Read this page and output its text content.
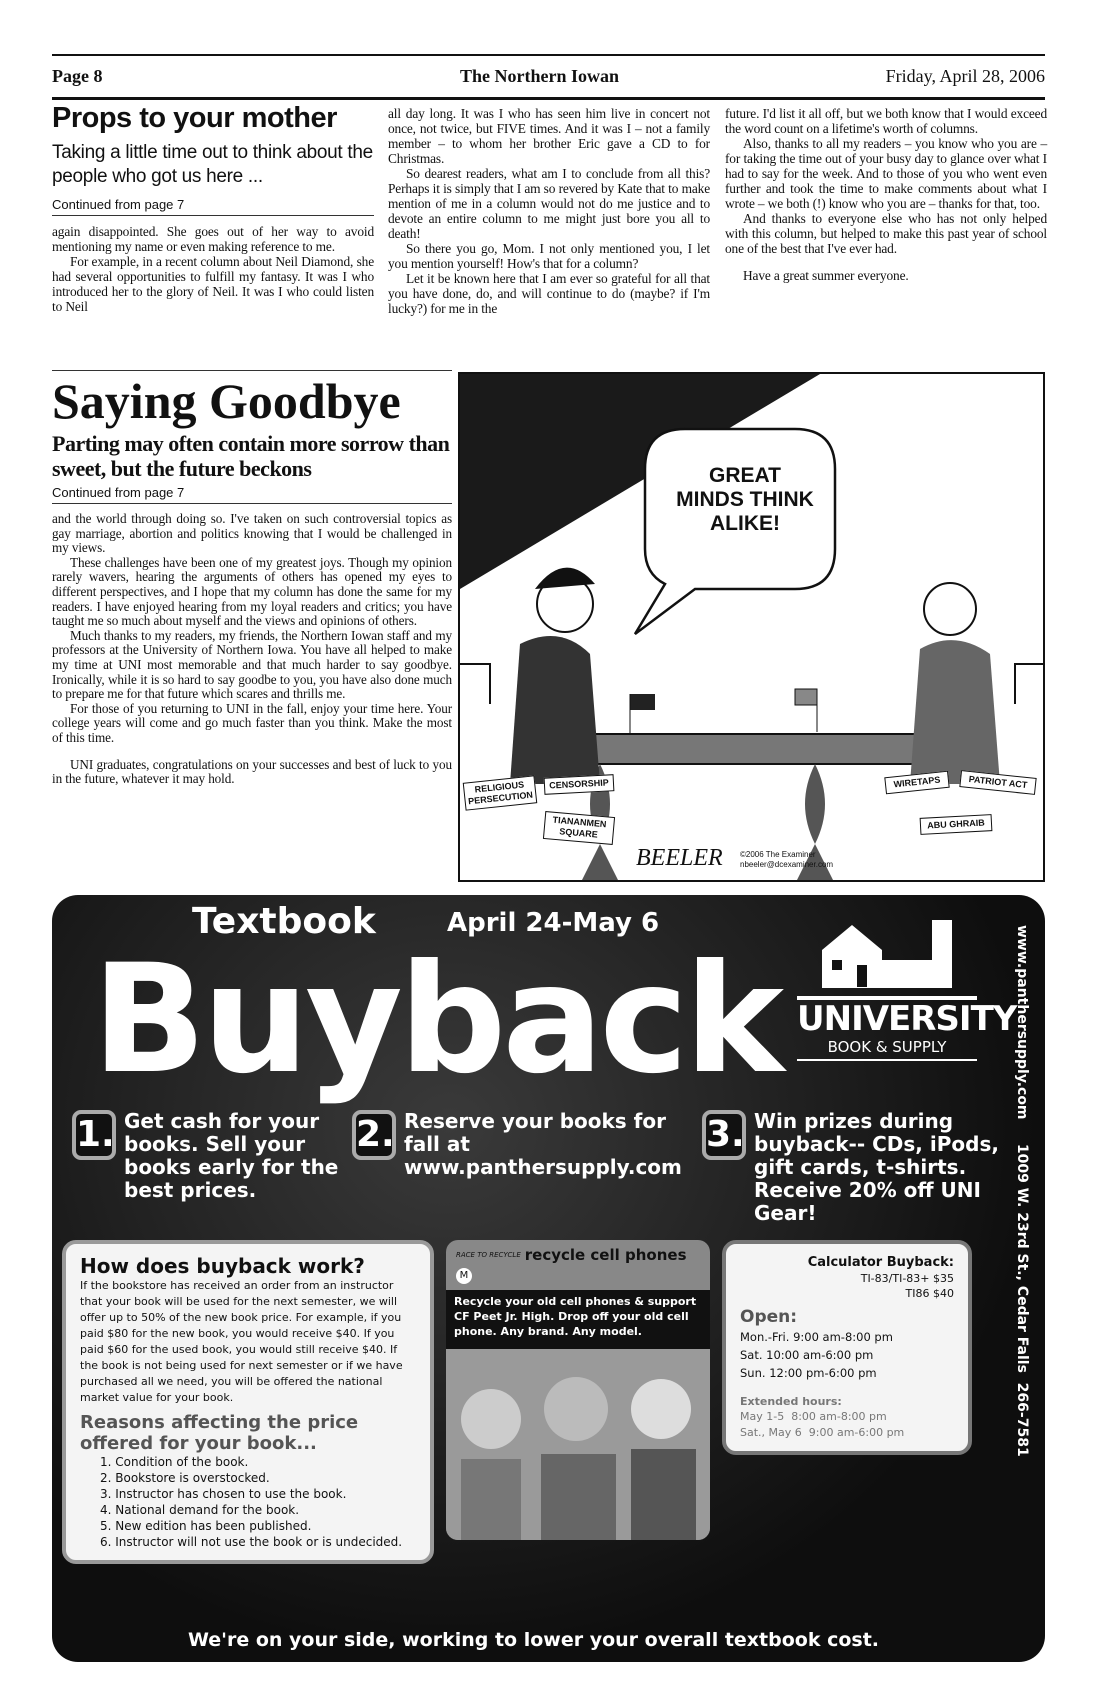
Page 8	The Northern Iowan	Friday, April 28, 2006
Props to your mother
Taking a little time out to think about the people who got us here ...
Continued from page 7

again disappointed. She goes out of her way to avoid mentioning my name or even making reference to me.

For example, in a recent column about Neil Diamond, she had several opportunities to fulfill my fantasy. It was I who introduced her to the glory of Neil. It was I who could listen to Neil

all day long. It was I who has seen him live in concert not once, not twice, but FIVE times. And it was I – not a family member – to whom her brother Eric gave a CD to for Christmas.

So dearest readers, what am I to conclude from all this? Perhaps it is simply that I am so revered by Kate that to make mention of me in a column would not do me justice and to devote an entire column to me might just bore you all to death!

So there you go, Mom. I not only mentioned you, I let you mention yourself! How's that for a column?

Let it be known here that I am ever so grateful for all that you have done, do, and will continue to do (maybe? if I'm lucky?) for me in the

future. I'd list it all off, but we both know that I would exceed the word count on a lifetime's worth of columns.

Also, thanks to all my readers – you know who you are – for taking the time out of your busy day to glance over what I had to say for the week. And to those of you who went even further and took the time to make comments about what I wrote – we both (!) know who you are – thanks for that, too.

And thanks to everyone else who has not only helped with this column, but helped to make this past year of school one of the best that I've ever had.

Have a great summer everyone.

Saying Goodbye
Parting may often contain more sorrow than sweet, but the future beckons
Continued from page 7

and the world through doing so. I've taken on such controversial topics as gay marriage, abortion and politics knowing that I would be challenged in my views.

These challenges have been one of my greatest joys. Though my opinion rarely wavers, hearing the arguments of others has opened my eyes to different perspectives, and I hope that my column has done the same for my readers. I have enjoyed hearing from my loyal readers and critics; you have taught me so much about myself and the views and opinions of others.

Much thanks to my readers, my friends, the Northern Iowan staff and my professors at the University of Northern Iowa. You have all helped to make my time at UNI most memorable and that much harder to say goodbye. Ironically, while it is so hard to say goodbe to you, you have also done much to prepare me for that future which scares and thrills me.

For those of you returning to UNI in the fall, enjoy your time here. Your college years will come and go much faster than you think. Make the most of this time.

UNI graduates, congratulations on your successes and best of luck to you in the future, whatever it may hold.

GREAT MINDS THINK ALIKE!
RELIGIOUS PERSECUTION
CENSORSHIP
TIANANMEN SQUARE
WIRETAPS	PATRIOT ACT
ABU GHRAIB
BEELER ©2006 The Examiner
nbeeler@dcexaminer.com
Textbook	April 24-May 6
Buyback UNIVERSITY
BOOK & SUPPLY	www.panthersupply.com     1009 W. 23rd St., Cedar Falls  266-7581
1. Get cash for your books. Sell your books early for the best prices.
2. Reserve your books for fall at www.panthersupply.com
3. Win prizes during buyback-- CDs, iPods, gift cards, t-shirts. Receive 20% off UNI Gear!
How does buyback work?
If the bookstore has received an order from an instructor that your book will be used for the next semester, we will offer up to 50% of the new book price. For example, if you paid $80 for the new book, you would receive $40. If you paid $60 for the used book, you would still receive $40. If the book is not being used for next semester or if we have purchased all we need, you will be offered the national market value for your book.
Reasons affecting the price offered for your book...
1. Condition of the book.
2. Bookstore is overstocked.
3. Instructor has chosen to use the book.
4. National demand for the book.
5. New edition has been published.
6. Instructor will not use the book or is undecided.
RACE TO RECYCLE recycle cell phones
M
Recycle your old cell phones & support CF Peet Jr. High. Drop off your old cell phone. Any brand. Any model.
Calculator Buyback:
TI-83/TI-83+ $35
TI86 $40
Open:
Mon.-Fri. 9:00 am-8:00 pm
Sat. 10:00 am-6:00 pm
Sun. 12:00 pm-6:00 pm
Extended hours:
May 1-5  8:00 am-8:00 pm
Sat., May 6  9:00 am-6:00 pm
We're on your side, working to lower your overall textbook cost.
